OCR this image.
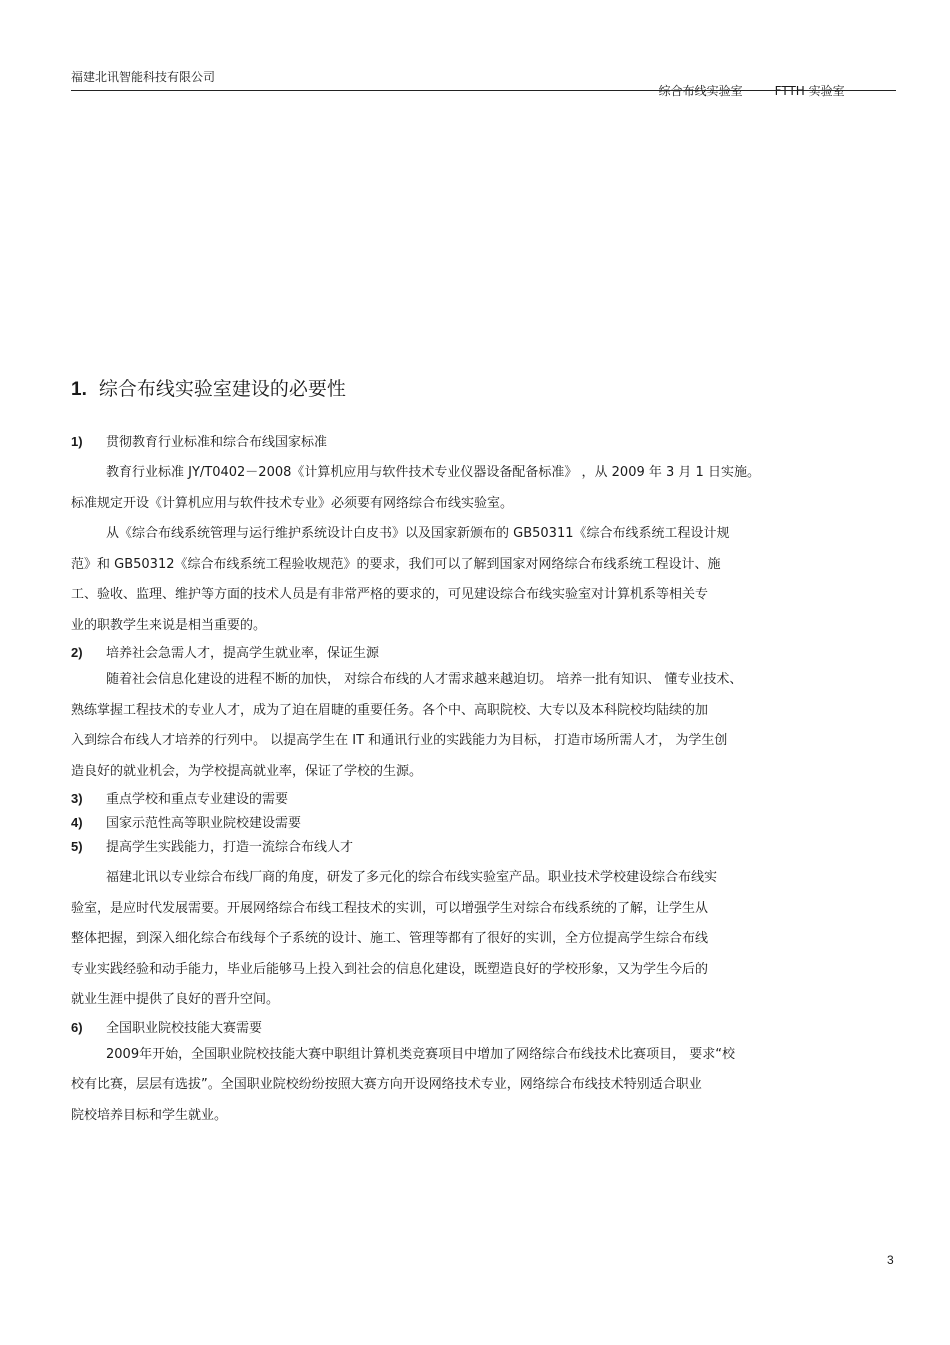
福建北讯智能科技有限公司

综合布线实验室	FTTH 实验室

1. 综合布线实验室建设的必要性
1) 贯彻教育行业标准和综合布线国家标准
教育行业标准 JY/T0402－2008《计算机应用与软件技术专业仪器设备配备标准》 ，从 2009 年 3 月 1 日实施。
标准规定开设《计算机应用与软件技术专业》必须要有网络综合布线实验室。
从《综合布线系统管理与运行维护系统设计白皮书》以及国家新颁布的 GB50311《综合布线系统工程设计规
范》和 GB50312《综合布线系统工程验收规范》的要求，我们可以了解到国家对网络综合布线系统工程设计、施
工、验收、监理、维护等方面的技术人员是有非常严格的要求的，可见建设综合布线实验室对计算机系等相关专
业的职教学生来说是相当重要的。
2) 培养社会急需人才，提高学生就业率，保证生源
随着社会信息化建设的进程不断的加快， 对综合布线的人才需求越来越迫切。 培养一批有知识、 懂专业技术、
熟练掌握工程技术的专业人才，成为了迫在眉睫的重要任务。各个中、高职院校、大专以及本科院校均陆续的加
入到综合布线人才培养的行列中。 以提高学生在 IT 和通讯行业的实践能力为目标， 打造市场所需人才， 为学生创
造良好的就业机会，为学校提高就业率，保证了学校的生源。
3) 重点学校和重点专业建设的需要
4) 国家示范性高等职业院校建设需要
5) 提高学生实践能力，打造一流综合布线人才
福建北讯以专业综合布线厂商的角度，研发了多元化的综合布线实验室产品。职业技术学校建设综合布线实
验室，是应时代发展需要。开展网络综合布线工程技术的实训，可以增强学生对综合布线系统的了解，让学生从
整体把握，到深入细化综合布线每个子系统的设计、施工、管理等都有了很好的实训，全方位提高学生综合布线
专业实践经验和动手能力，毕业后能够马上投入到社会的信息化建设，既塑造良好的学校形象，又为学生今后的
就业生涯中提供了良好的晋升空间。
6) 全国职业院校技能大赛需要
2009年开始，全国职业院校技能大赛中职组计算机类竞赛项目中增加了网络综合布线技术比赛项目， 要求“校
校有比赛，层层有选拔”。全国职业院校纷纷按照大赛方向开设网络技术专业，网络综合布线技术特别适合职业
院校培养目标和学生就业。
3
